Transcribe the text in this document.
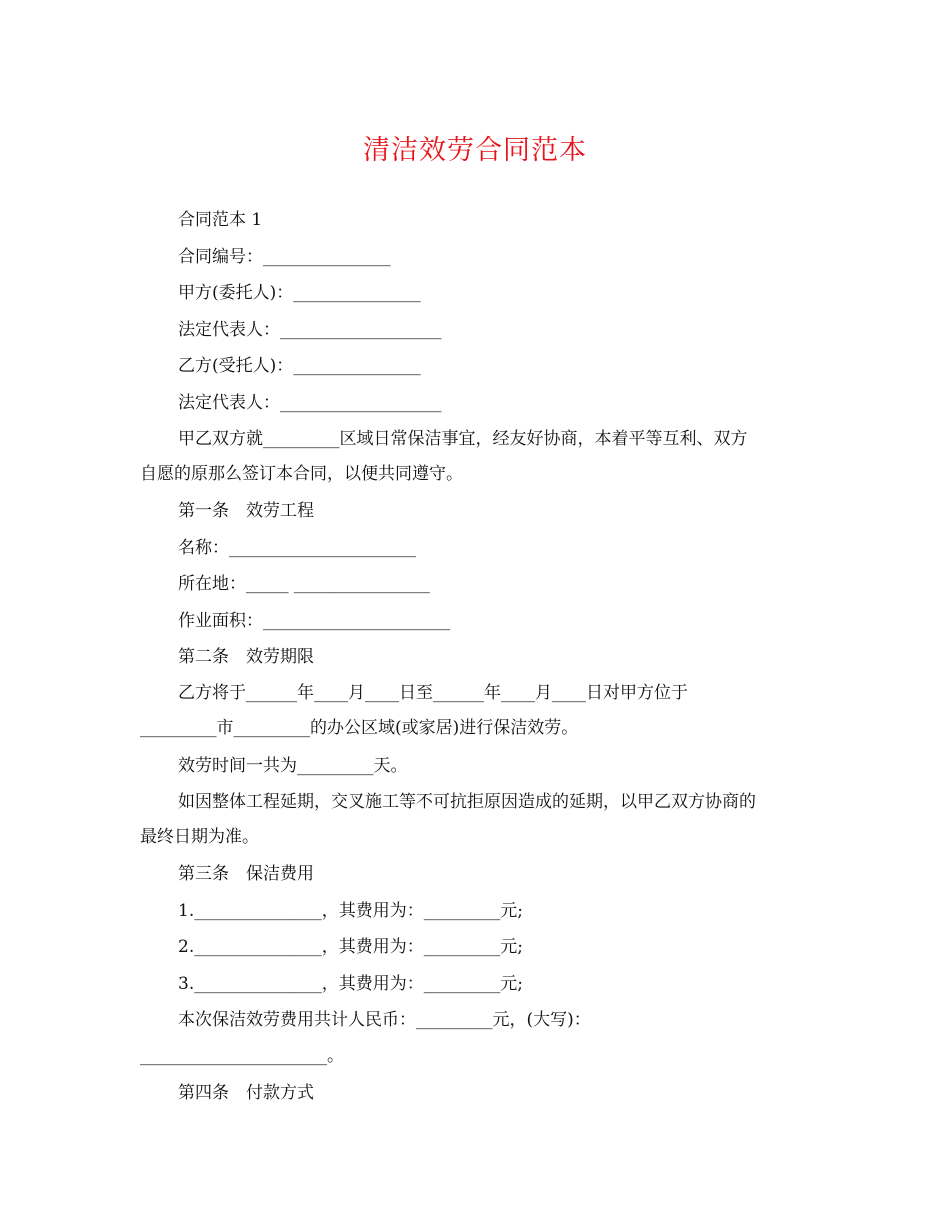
清洁效劳合同范本
合同范本 1
合同编号：_______________
甲方(委托人)：_______________
法定代表人：___________________
乙方(受托人)：_______________
法定代表人：___________________
甲乙双方就_________区域日常保洁事宜，经友好协商，本着平等互利、双方
自愿的原那么签订本合同，以便共同遵守。
第一条　效劳工程
名称：______________________
所在地：_____ ________________
作业面积：______________________
第二条　效劳期限
乙方将于______年____月____日至______年____月____日对甲方位于
_________市_________的办公区域(或家居)进行保洁效劳。
效劳时间一共为_________天。
如因整体工程延期，交叉施工等不可抗拒原因造成的延期，以甲乙双方协商的
最终日期为准。
第三条　保洁费用
1._______________，其费用为：_________元;
2._______________，其费用为：_________元;
3._______________，其费用为：_________元;
本次保洁效劳费用共计人民币：_________元，(大写)：
______________________。
第四条　付款方式
